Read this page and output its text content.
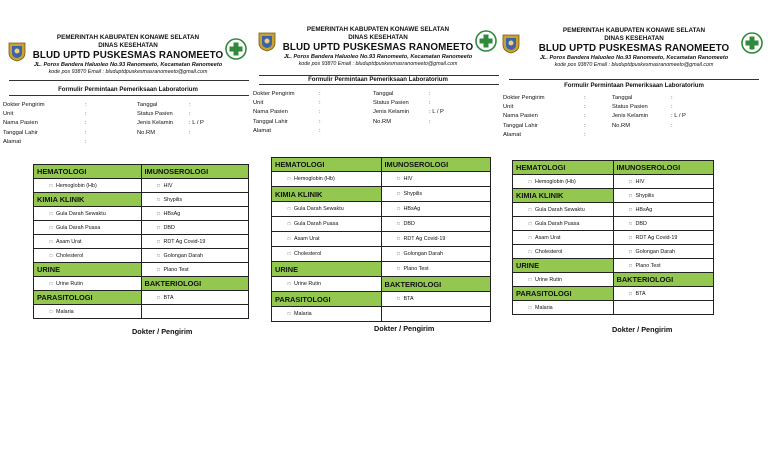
PEMERINTAH KABUPATEN KONAWE SELATAN
DINAS KESEHATAN
BLUD UPTD PUSKESMAS RANOMEETO
JL. Poros Bandera Haluoleo No.93 Ranomeeto, Kecamatan Ranomeeto
kode pos 93870 Email : bluduptdpuskesmasranomeeto@gmail.com
Formulir Permintaan Pemeriksaan Laboratorium
Dokter Pengirim
Unit
Nama Pasien
Tanggal Lahir
Alamat
:
:
:
:
:
Tanggal
Status Pasien
Jenis Kelamin
No.RM
:
:
: L / P
:
HEMATOLOGI	IMUNOSEROLOGI
□ Hemoglobin (Hb)	□ HIV
KIMIA KLINIK	□ Shypilis
□ Gula Darah Sewaktu	□ HBsAg
□ Gula Darah Puasa	□ DBD
□ Asam Urat	□ RDT Ag Covid-19
□ Cholesterol	□ Golongan Darah
URINE	□ Plano Test
□ Urine Rutin	BAKTERIOLOGI
PARASITOLOGI	□ BTA
□ Malaria	
Dokter / Pengirim
PEMERINTAH KABUPATEN KONAWE SELATAN
DINAS KESEHATAN
BLUD UPTD PUSKESMAS RANOMEETO
JL. Poros Bandera Haluoleo No.93 Ranomeeto, Kecamatan Ranomeeto
kode pos 93870 Email : bluduptdpuskesmasranomeeto@gmail.com
Formulir Permintaan Pemeriksaan Laboratorium
Dokter Pengirim
Unit
Nama Pasien
Tanggal Lahir
Alamat
:
:
:
:
:
Tanggal
Status Pasien
Jenis Kelamin
No.RM
:
:
: L / P
:
HEMATOLOGI	IMUNOSEROLOGI
□ Hemoglobin (Hb)	□ HIV
KIMIA KLINIK	□ Shypilis
□ Gula Darah Sewaktu	□ HBsAg
□ Gula Darah Puasa	□ DBD
□ Asam Urat	□ RDT Ag Covid-19
□ Cholesterol	□ Golongan Darah
URINE	□ Plano Test
□ Urine Rutin	BAKTERIOLOGI
PARASITOLOGI	□ BTA
□ Malaria	
Dokter / Pengirim
PEMERINTAH KABUPATEN KONAWE SELATAN
DINAS KESEHATAN
BLUD UPTD PUSKESMAS RANOMEETO
JL. Poros Bandera Haluoleo No.93 Ranomeeto, Kecamatan Ranomeeto
kode pos 93870 Email : bluduptdpuskesmasranomeeto@gmail.com
Formulir Permintaan Pemeriksaan Laboratorium
Dokter Pengirim
Unit
Nama Pasien
Tanggal Lahir
Alamat
:
:
:
:
:
Tanggal
Status Pasien
Jenis Kelamin
No.RM
:
:
: L / P
:
HEMATOLOGI	IMUNOSEROLOGI
□ Hemoglobin (Hb)	□ HIV
KIMIA KLINIK	□ Shypilis
□ Gula Darah Sewaktu	□ HBsAg
□ Gula Darah Puasa	□ DBD
□ Asam Urat	□ RDT Ag Covid-19
□ Cholesterol	□ Golongan Darah
URINE	□ Plano Test
□ Urine Rutin	BAKTERIOLOGI
PARASITOLOGI	□ BTA
□ Malaria	
Dokter / Pengirim
